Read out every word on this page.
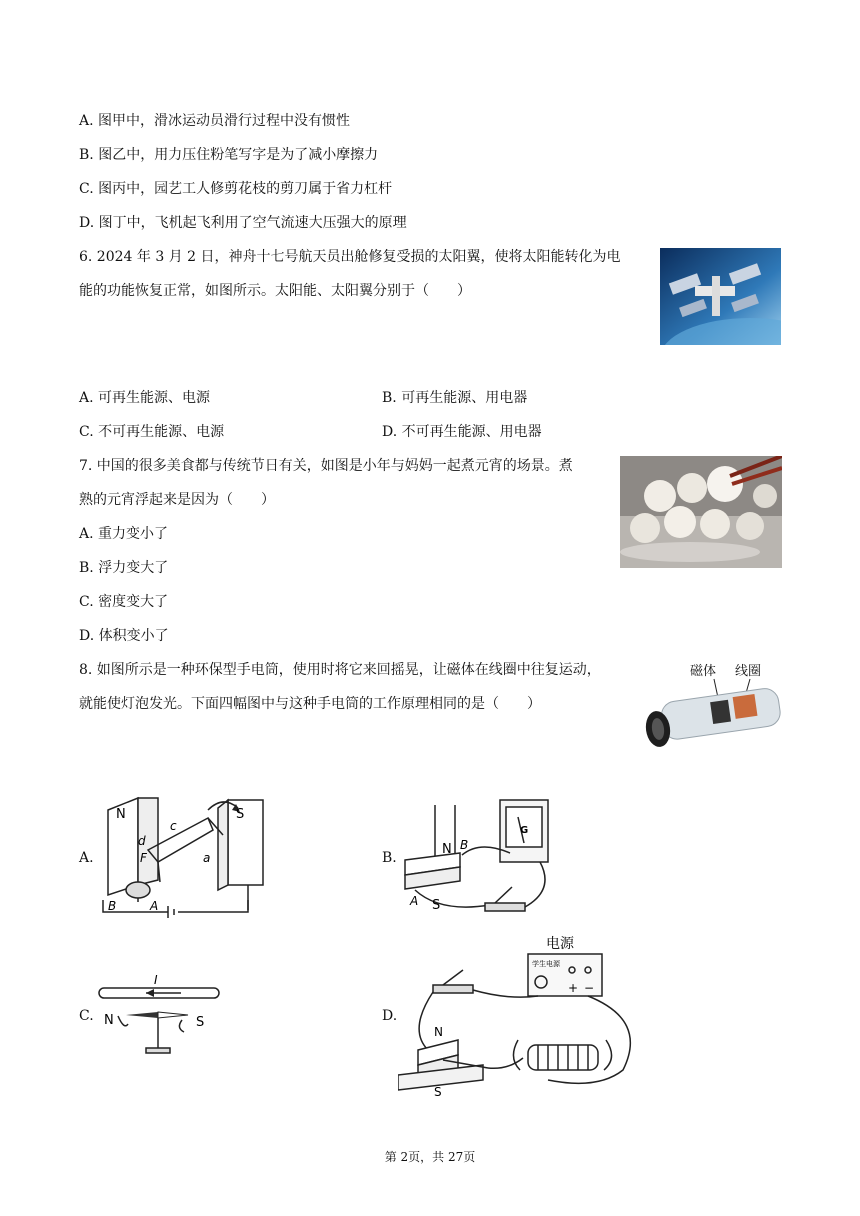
A. 图甲中，滑冰运动员滑行过程中没有惯性
B. 图乙中，用力压住粉笔写字是为了减小摩擦力
C. 图丙中，园艺工人修剪花枝的剪刀属于省力杠杆
D. 图丁中，飞机起飞利用了空气流速大压强大的原理
6. 2024 年 3 月 2 日，神舟十七号航天员出舱修复受损的太阳翼，使将太阳能转化为电
能的功能恢复正常，如图所示。太阳能、太阳翼分别于（　　）
A. 可再生能源、电源	B. 可再生能源、用电器
C. 不可再生能源、电源	D. 不可再生能源、用电器
7. 中国的很多美食都与传统节日有关，如图是小年与妈妈一起煮元宵的场景。煮
熟的元宵浮起来是因为（　　）
A. 重力变小了
B. 浮力变大了
C. 密度变大了
D. 体积变小了
8. 如图所示是一种环保型手电筒，使用时将它来回摇晃，让磁体在线圈中往复运动，
就能使灯泡发光。下面四幅图中与这种手电筒的工作原理相同的是（　　）
磁体 线圈
A.
N	S
c
d
F	a
B	A
B.
N B
G
A S
C.
I
N	S	D.
电源
学生电源
+ −
N
S
第 2页，共 27页
